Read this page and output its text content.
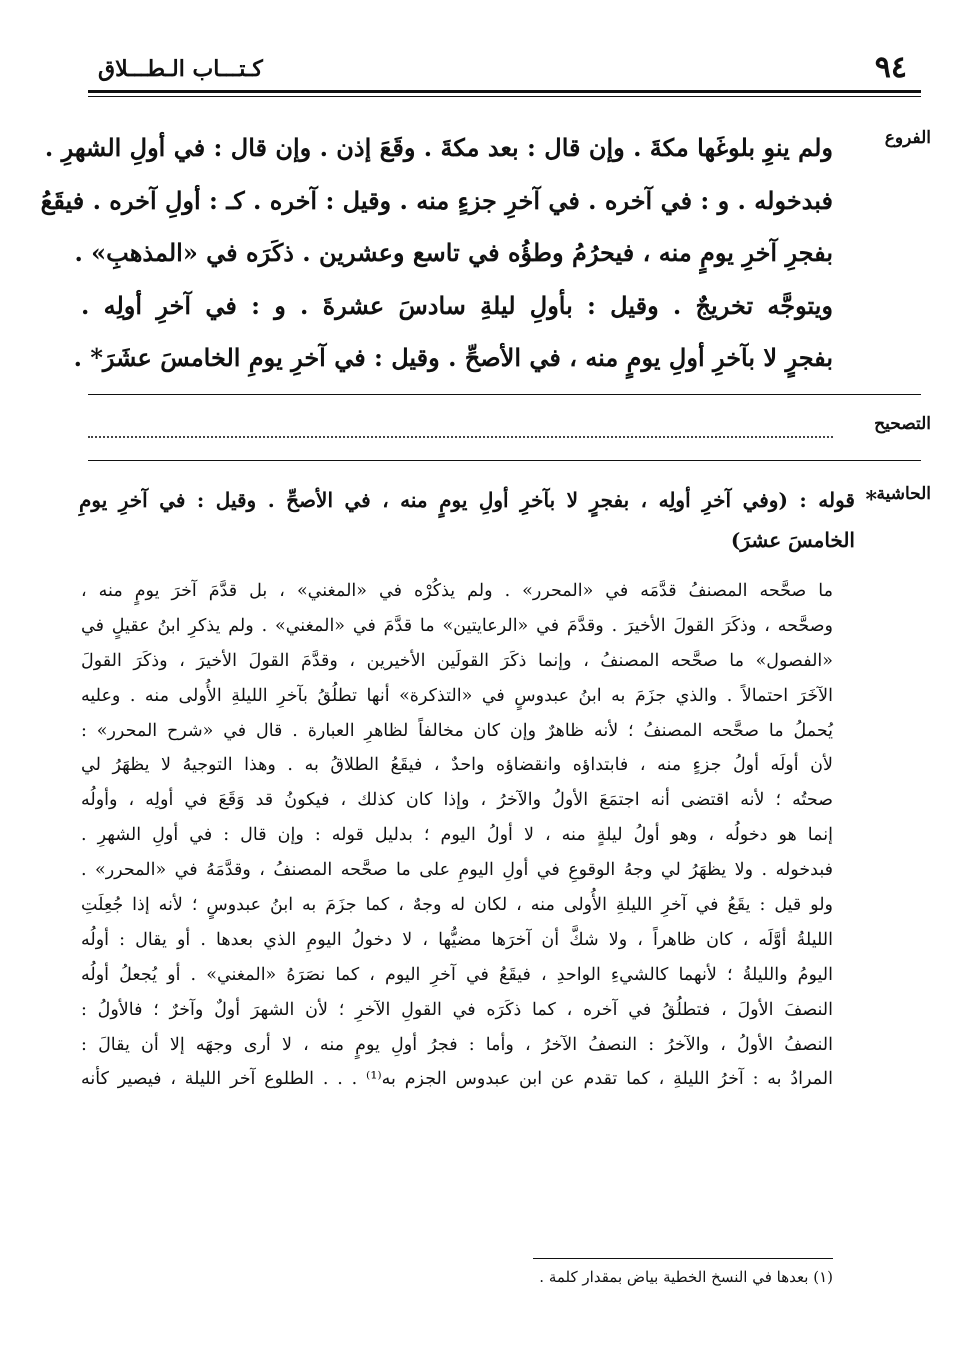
٩٤
كـتـــاب الـطـــلاق
الفروع
ولم ينوِ بلوغَها مكةَ . وإن قال : بعد مكةَ . وقَعَ إذن . وإن قال : في أولِ الشهرِ .
فبدخوله . و : في آخره . في آخرِ جزءٍ منه . وقيل : آخره . كـ : أولِ آخره . فيقَعُ
بفجرِ آخرِ يومٍ منه ، فيحرُمُ وطؤُه في تاسع وعشرين . ذكَرَه في «المذهبِ» .
ويتوجَّه تخريجٌ . وقيل : بأولِ ليلةِ سادسَ عشرةَ . و : في آخرِ أولِه .
بفجرٍ لا بآخرِ أولِ يومٍ منه ، في الأصحِّ . وقيل : في آخرِ يومِ الخامسَ عشَرَ* .
التصحيح
الحاشية
*
قوله : (وفي آخرِ أولِه ، بفجرٍ لا بآخرِ أولِ يومٍ منه ، في الأصحِّ . وقيل : في آخرِ يومِ
الخامسَ عشرَ)
ما صحَّحه المصنفُ قدَّمَه في «المحرر» . ولم يذكُرْه في «المغني» ، بل قدَّمَ آخرَ يومٍ منه ،
وصحَّحه ، وذكَرَ القولَ الأخيرَ . وقدَّمَ في «الرعايتين» ما قدَّمَ في «المغني» . ولم يذكرِ ابنُ عقيلٍ في
«الفصول» ما صحَّحه المصنفُ ، وإنما ذكَرَ القولَين الأخيرين ، وقدَّمَ القولَ الأخيرَ ، وذكَرَ القولَ
الآخَرَ احتمالاً . والذي جزَمَ به ابنُ عبدوسٍ في «التذكرة» أنها تطلُقُ بآخرِ الليلةِ الأُولى منه . وعليه
يُحملُ ما صحَّحه المصنفُ ؛ لأنه ظاهرٌ وإن كان مخالفاً لظاهرِ العبارة . قال في «شرح المحرر» :
لأن أولَه أولُ جزءٍ منه ، فابتداؤه وانقضاؤه واحدٌ ، فيقَعُ الطلاقُ به . وهذا التوجيهُ لا يظهَرُ لي
صحتُه ؛ لأنه اقتضى أنه اجتمَعَ الأولُ والآخرُ ، وإذا كان كذلك ، فيكونُ قد وَقَعَ في أولِه ، وأولُه
إنما هو دخولُه ، وهو أولُ ليلةٍ منه ، لا أولُ اليوم ؛ بدليل قوله : وإن قال : في أولِ الشهرِ .
فبدخوله . ولا يظهَرُ لي وجهُ الوقوعِ في أولِ اليومِ على ما صحَّحه المصنفُ ، وقدَّمَهُ في «المحرر» .
ولو قيل : يقَعُ في آخرِ الليلةِ الأُولى منه ، لكان له وجهٌ ، كما جزَمَ به ابنُ عبدوسٍ ؛ لأنه إذا جُعِلَتِ
الليلةُ أوَّلَه ، كان ظاهراً ، ولا شكَّ أن آخرَها مضيُّها ، لا دخولُ اليومِ الذي بعدها . أو يقال : أولُه
اليومُ والليلةُ ؛ لأنهما كالشيءِ الواحدِ ، فيقَعُ في آخرِ اليوم ، كما نصَرَهُ «المغني» . أو يُجعلُ أولُه
النصفَ الأولَ ، فتطلُقُ في آخره ، كما ذكَرَه في القولِ الآخرِ ؛ لأن الشهرَ أولٌ وآخرٌ ؛ فالأولُ :
النصفُ الأولُ ، والآخرُ : النصفُ الآخرُ ، وأما : فجرُ أولِ يومٍ منه ، لا أرى وجهَه إلا أن يقالَ :
المرادُ به : آخرُ الليلةِ ، كما تقدم عن ابن عبدوس الجزم به⁽¹⁾ . . . الطلوع آخر الليلة ، فيصير كأنه
(١) بعدها في النسخ الخطية بياض بمقدار كلمة .
